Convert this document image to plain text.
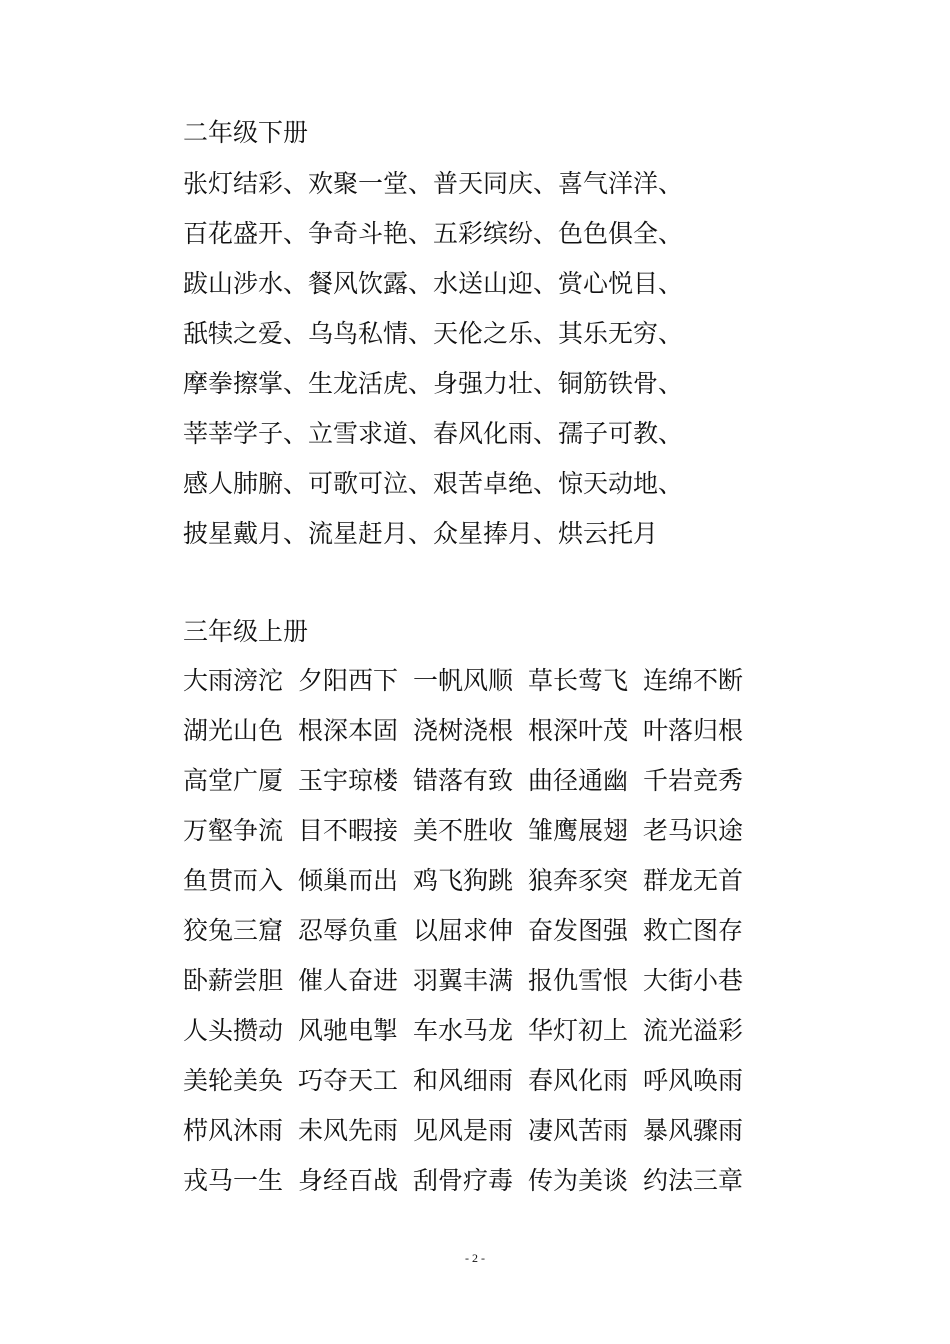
二年级下册
张灯结彩、欢聚一堂、普天同庆、喜气洋洋、
百花盛开、争奇斗艳、五彩缤纷、色色俱全、
跋山涉水、餐风饮露、水送山迎、赏心悦目、
舐犊之爱、乌鸟私情、天伦之乐、其乐无穷、
摩拳擦掌、生龙活虎、身强力壮、铜筋铁骨、
莘莘学子、立雪求道、春风化雨、孺子可教、
感人肺腑、可歌可泣、艰苦卓绝、惊天动地、
披星戴月、流星赶月、众星捧月、烘云托月
三年级上册
大雨滂沱 夕阳西下 一帆风顺 草长莺飞 连绵不断
湖光山色 根深本固 浇树浇根 根深叶茂 叶落归根
高堂广厦 玉宇琼楼 错落有致 曲径通幽 千岩竞秀
万壑争流 目不暇接 美不胜收 雏鹰展翅 老马识途
鱼贯而入 倾巢而出 鸡飞狗跳 狼奔豕突 群龙无首
狡兔三窟 忍辱负重 以屈求伸 奋发图强 救亡图存
卧薪尝胆 催人奋进 羽翼丰满 报仇雪恨 大街小巷
人头攒动 风驰电掣 车水马龙 华灯初上 流光溢彩
美轮美奂 巧夺天工 和风细雨 春风化雨 呼风唤雨
栉风沐雨 未风先雨 见风是雨 凄风苦雨 暴风骤雨
戎马一生 身经百战 刮骨疗毒 传为美谈 约法三章
- 2 -
